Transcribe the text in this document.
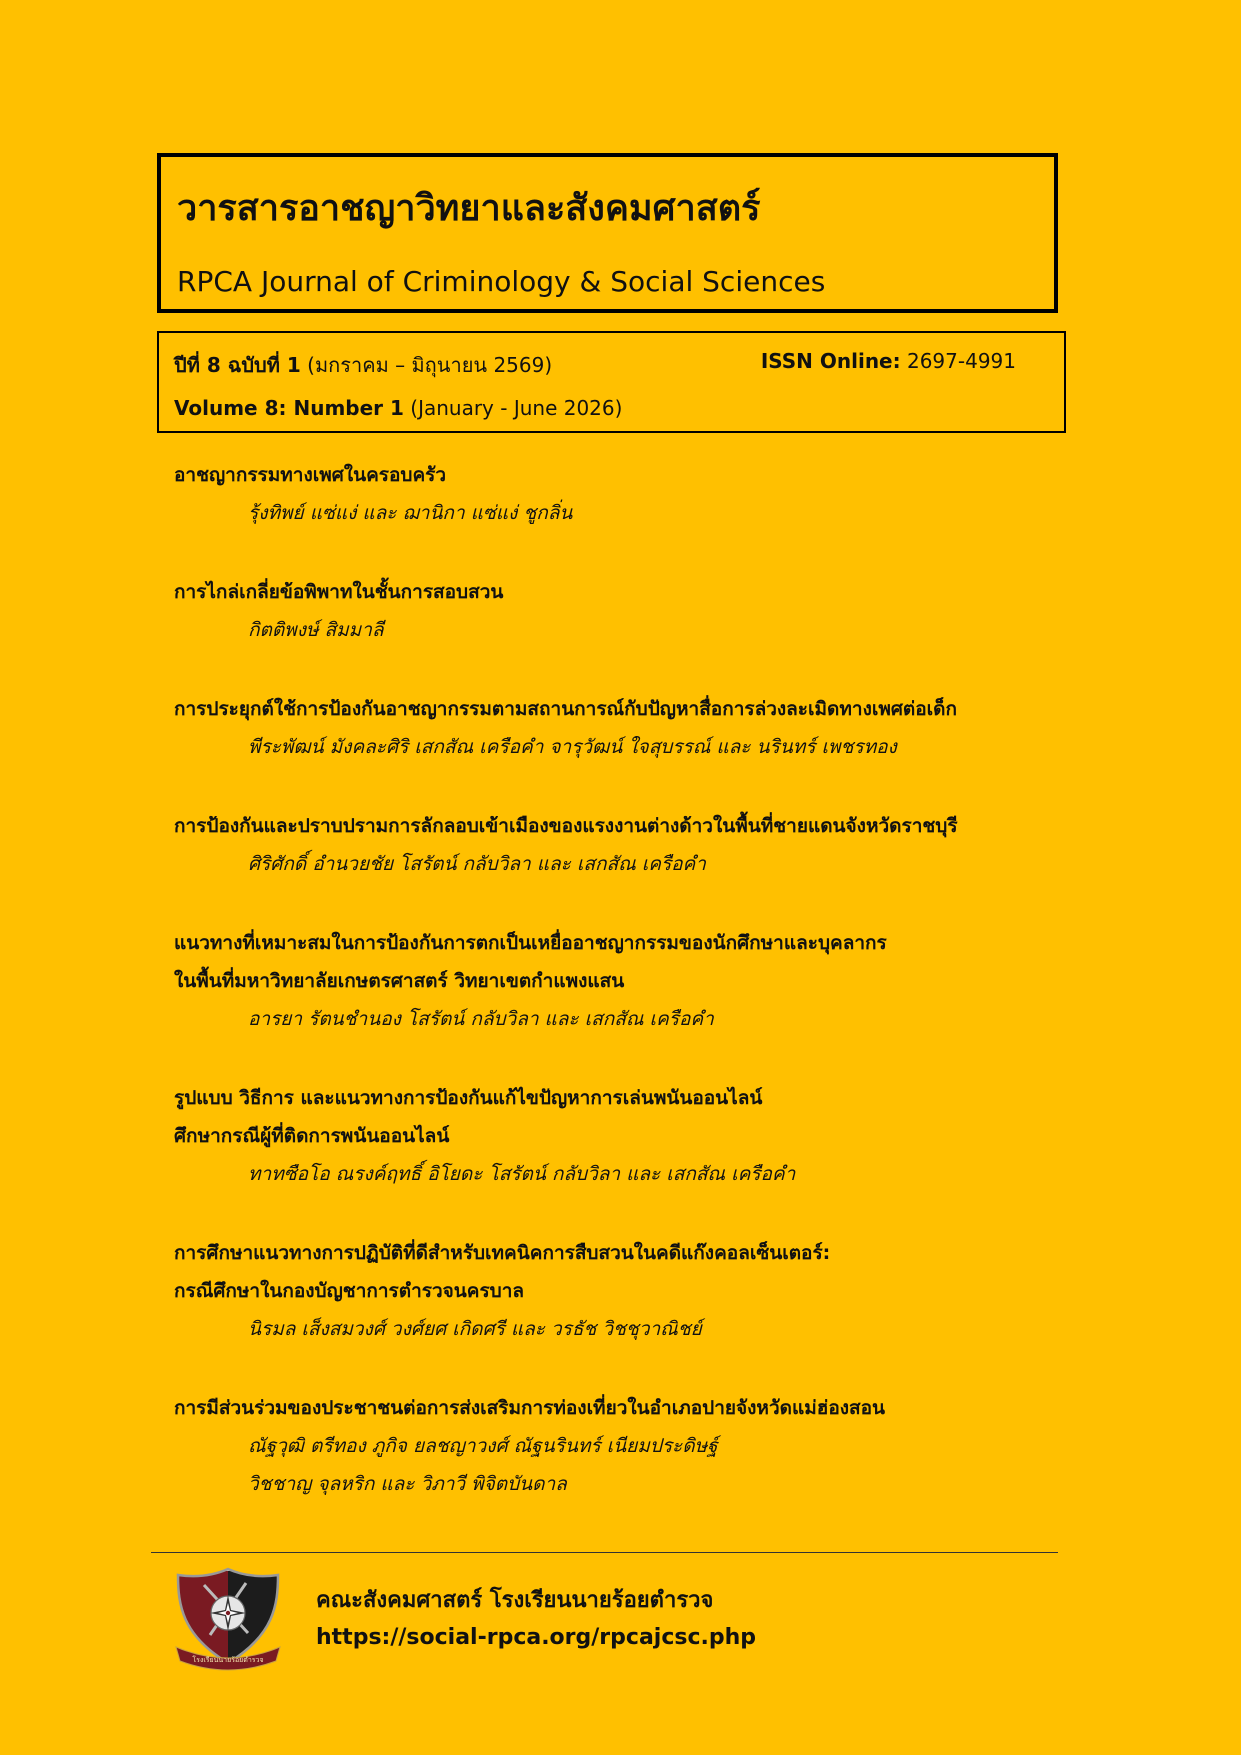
วารสารอาชญาวิทยาและสังคมศาสตร์
RPCA Journal of Criminology & Social Sciences
ปีที่ 8 ฉบับที่ 1 (มกราคม – มิถุนายน 2569)	ISSN Online: 2697-4991
Volume 8: Number 1 (January - June 2026)
อาชญากรรมทางเพศในครอบครัว
รุ้งทิพย์ แซ่แง่ และ ฌานิกา แซ่แง่ ชูกลิ่น
การไกล่เกลี่ยข้อพิพาทในชั้นการสอบสวน
กิตติพงษ์ สิมมาลี
การประยุกต์ใช้การป้องกันอาชญากรรมตามสถานการณ์กับปัญหาสื่อการล่วงละเมิดทางเพศต่อเด็ก
พีระพัฒน์ มังคละศิริ เสกสัณ เครือคำ จารุวัฒน์ ใจสุบรรณ์ และ นรินทร์ เพชรทอง
การป้องกันและปราบปรามการลักลอบเข้าเมืองของแรงงานต่างด้าวในพื้นที่ชายแดนจังหวัดราชบุรี
ศิริศักดิ์ อำนวยชัย โสรัตน์ กลับวิลา และ เสกสัณ เครือคำ
แนวทางที่เหมาะสมในการป้องกันการตกเป็นเหยื่ออาชญากรรมของนักศึกษาและบุคลากร
ในพื้นที่มหาวิทยาลัยเกษตรศาสตร์ วิทยาเขตกำแพงแสน
อารยา รัตนชำนอง โสรัตน์ กลับวิลา และ เสกสัณ เครือคำ
รูปแบบ วิธีการ และแนวทางการป้องกันแก้ไขปัญหาการเล่นพนันออนไลน์
ศึกษากรณีผู้ที่ติดการพนันออนไลน์
ทาทซือโอ ณรงค์ฤทธิ์ อิโยดะ โสรัตน์ กลับวิลา และ เสกสัณ เครือคำ
การศึกษาแนวทางการปฏิบัติที่ดีสำหรับเทคนิคการสืบสวนในคดีแก๊งคอลเซ็นเตอร์:
กรณีศึกษาในกองบัญชาการตำรวจนครบาล
นิรมล เส็งสมวงศ์ วงศ์ยศ เกิดศรี และ วรธัช วิชชุวาณิชย์
การมีส่วนร่วมของประชาชนต่อการส่งเสริมการท่องเที่ยวในอำเภอปายจังหวัดแม่ฮ่องสอน
ณัฐวุฒิ ตรีทอง ภูกิจ ยลชญาวงศ์ ณัฐนรินทร์ เนียมประดิษฐ์
วิชชาญ จุลหริก และ วิภาวี พิจิตบันดาล
โรงเรียนนายร้อยตำรวจ
คณะสังคมศาสตร์ โรงเรียนนายร้อยตำรวจ
https://social-rpca.org/rpcajcsc.php
